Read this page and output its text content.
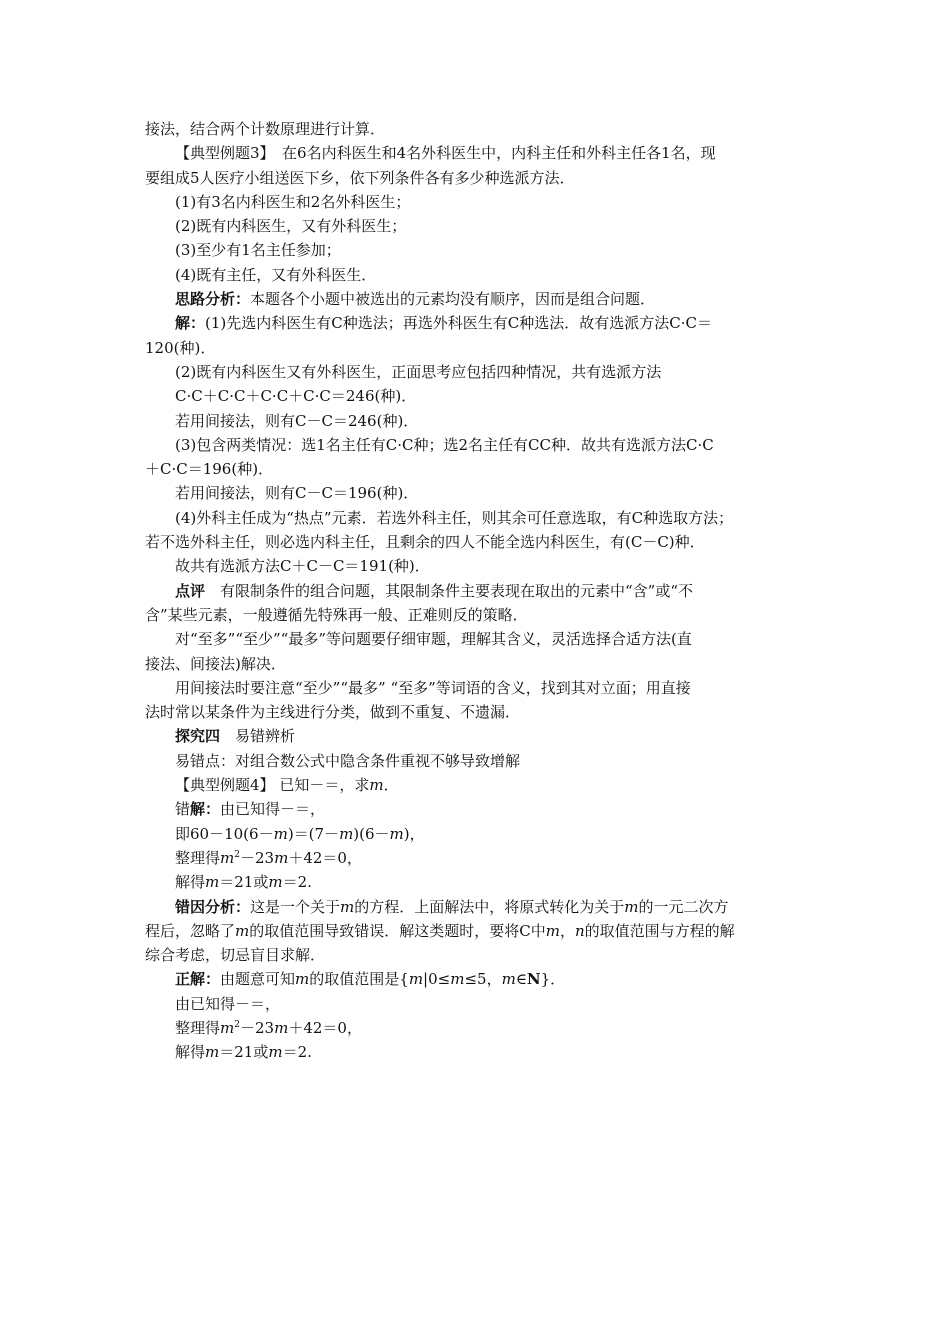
接法，结合两个计数原理进行计算．
【典型例题3】　在6名内科医生和4名外科医生中，内科主任和外科主任各1名，现
要组成5人医疗小组送医下乡，依下列条件各有多少种选派方法．
(1)有3名内科医生和2名外科医生；
(2)既有内科医生，又有外科医生；
(3)至少有1名主任参加；
(4)既有主任，又有外科医生．
思路分析：本题各个小题中被选出的元素均没有顺序，因而是组合问题．
解：(1)先选内科医生有C种选法；再选外科医生有C种选法．故有选派方法C·C＝
120(种)．
(2)既有内科医生又有外科医生，正面思考应包括四种情况，共有选派方法
C·C＋C·C＋C·C＋C·C＝246(种)．
若用间接法，则有C－C＝246(种)．
(3)包含两类情况：选1名主任有C·C种；选2名主任有CC种．故共有选派方法C·C
＋C·C＝196(种)．
若用间接法，则有C－C＝196(种)．
(4)外科主任成为“热点”元素．若选外科主任，则其余可任意选取，有C种选取方法；
若不选外科主任，则必选内科主任，且剩余的四人不能全选内科医生，有(C－C)种．
故共有选派方法C＋C－C＝191(种)．
点评　有限制条件的组合问题，其限制条件主要表现在取出的元素中“含”或“不
含”某些元素，一般遵循先特殊再一般、正难则反的策略．
对“至多”“至少”“最多”等问题要仔细审题，理解其含义，灵活选择合适方法(直
接法、间接法)解决．
用间接法时要注意“至少”“最多” “至多”等词语的含义，找到其对立面；用直接
法时常以某条件为主线进行分类，做到不重复、不遗漏．
探究四　易错辨析
易错点：对组合数公式中隐含条件重视不够导致增解
【典型例题4】 已知－＝，求m．
错解：由已知得－＝，
即60－10(6－m)＝(7－m)(6－m)，
整理得$m^2-23m+42=0$，
解得m＝21或m＝2.
错因分析：这是一个关于m的方程．上面解法中，将原式转化为关于m的一元二次方
程后，忽略了m的取值范围导致错误．解这类题时，要将C中m，n的取值范围与方程的解
综合考虑，切忌盲目求解．
正解：由题意可知m的取值范围是{m|0≤m≤5，m∈N}．
由已知得－＝，
整理得$m^2-23m+42=0$，
解得m＝21或m＝2.
